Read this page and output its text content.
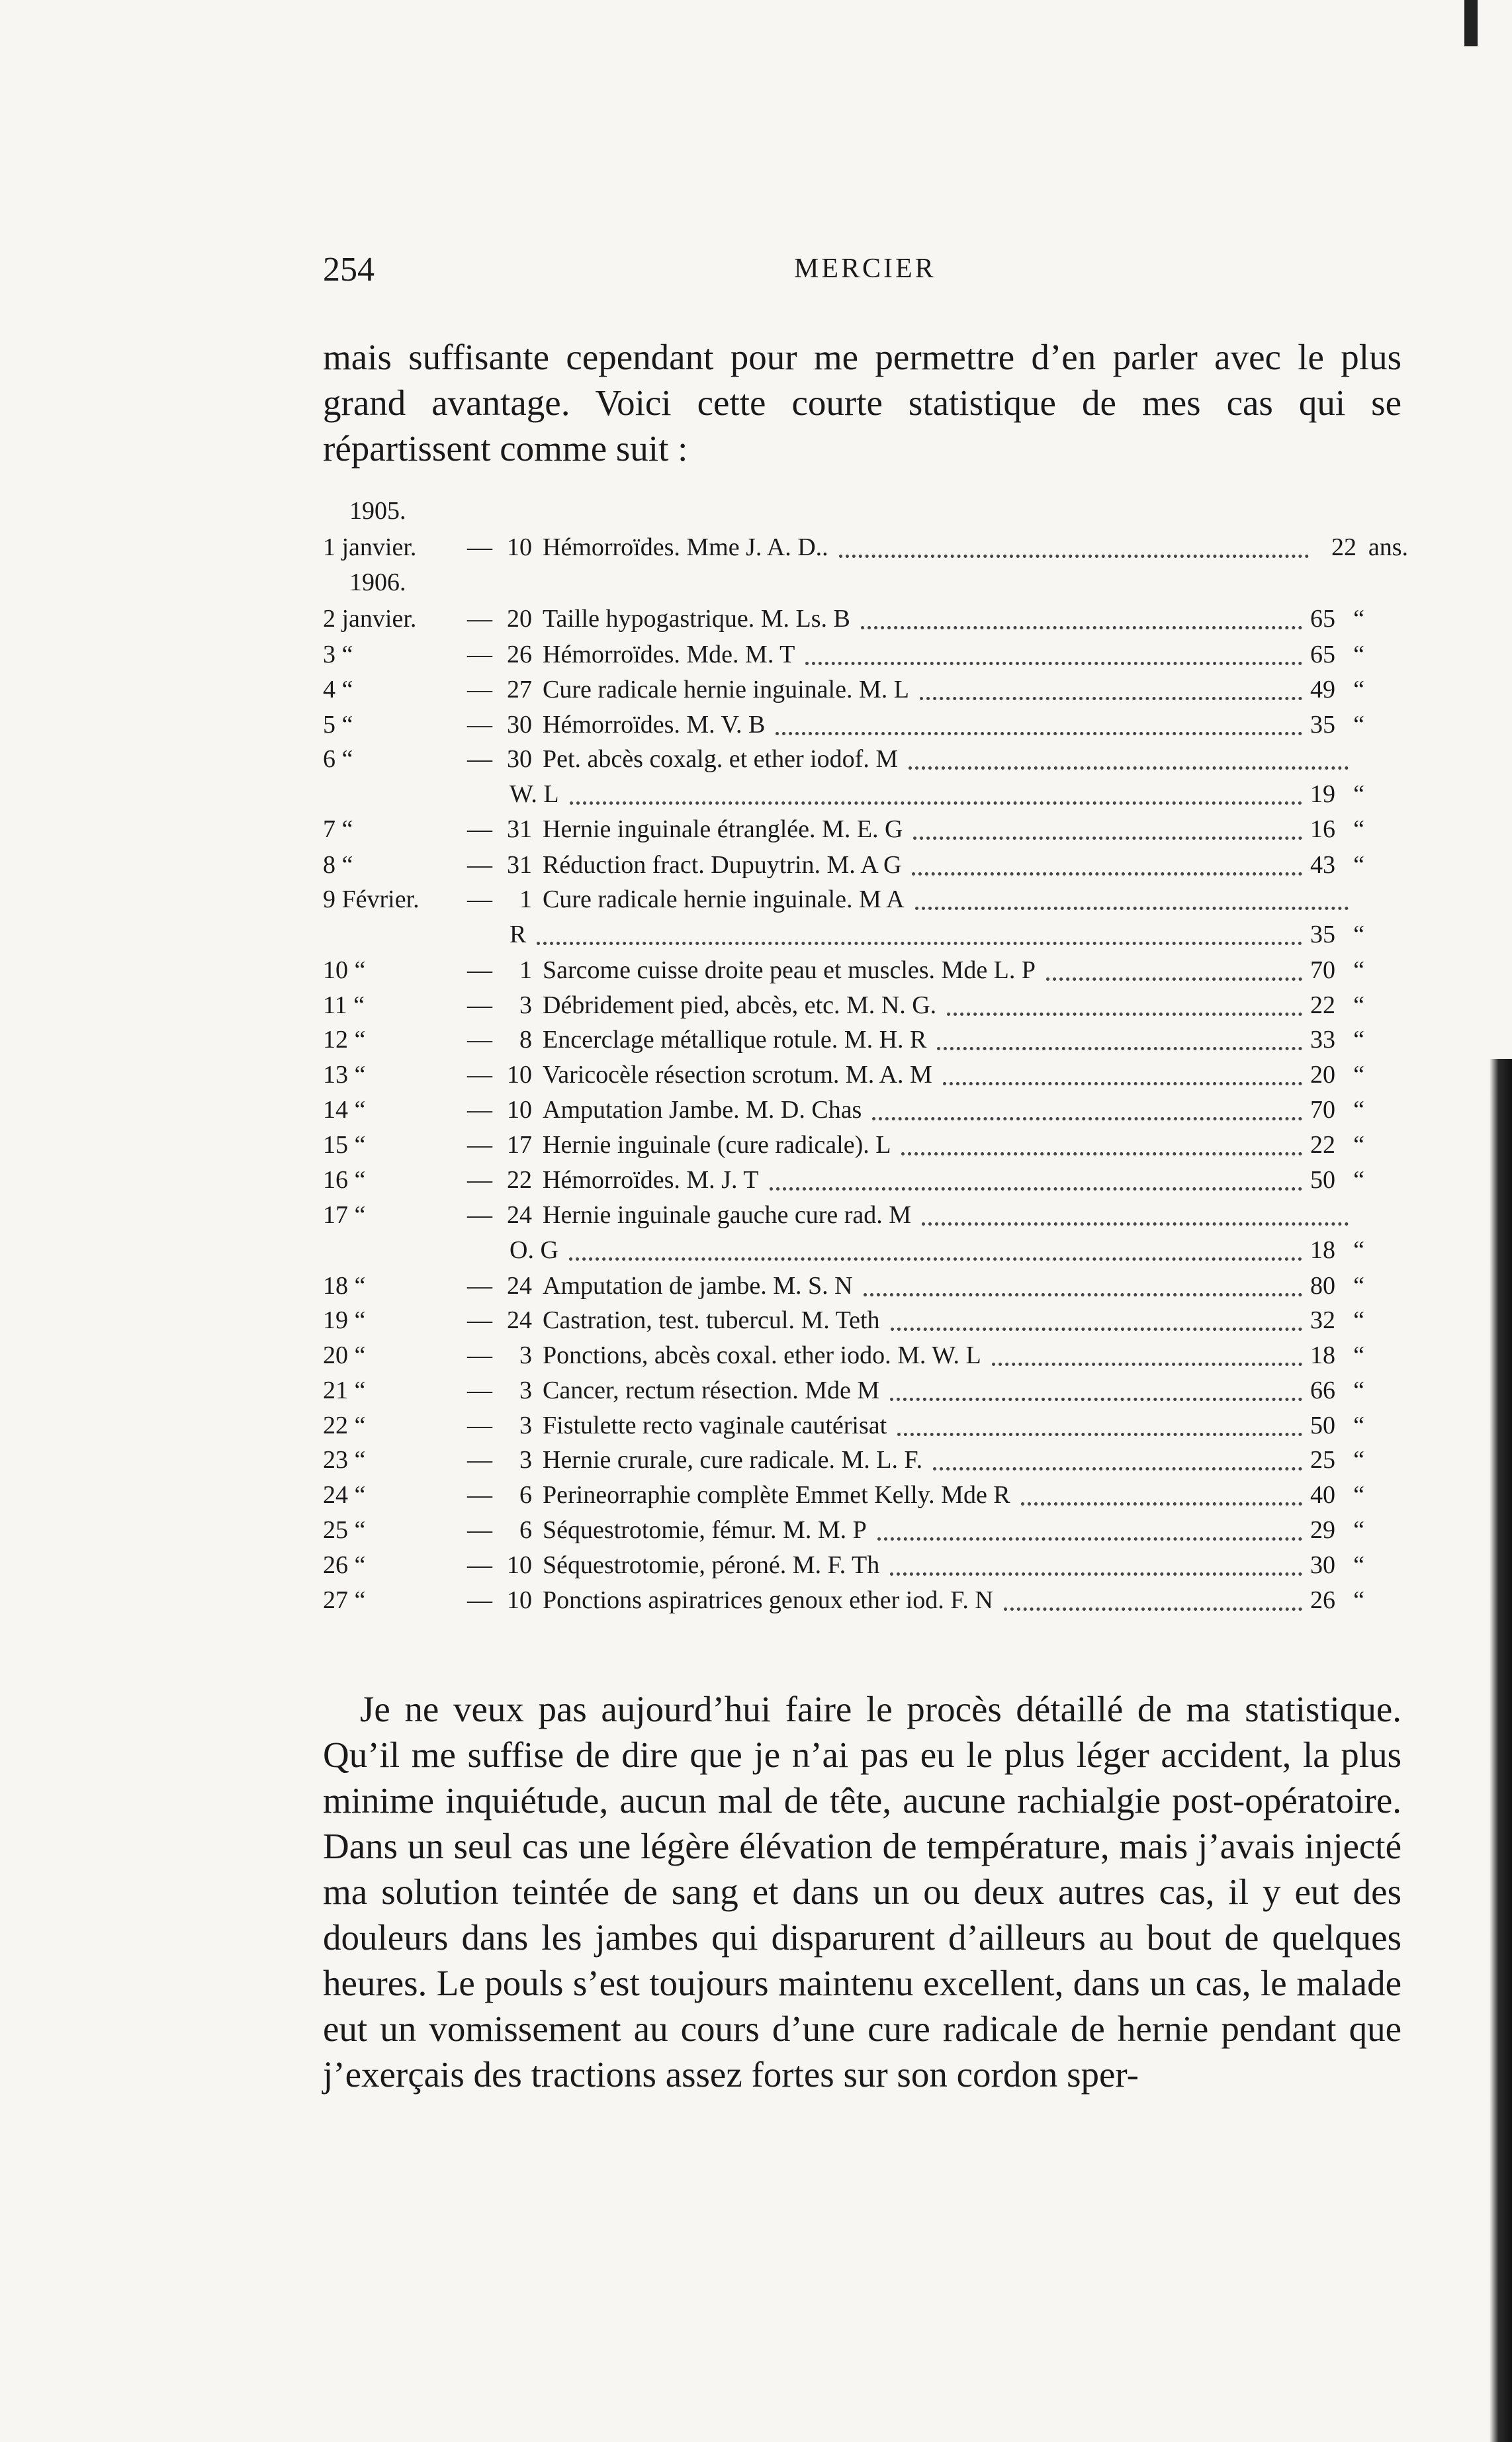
254	MERCIER

mais suffisante cependant pour me permettre d’en parler avec le plus grand avantage. Voici cette courte statistique de mes cas qui se répartissent comme suit :

1905.
1906.
1 janvier. — 10 Hémorroïdes. Mme J. A. D..	22 ans.
2 janvier. — 20 Taille hypogastrique. M. Ls. B	65 “
3 “	— 26 Hémorroïdes. Mde. M. T	65 “
4 “	— 27 Cure radicale hernie inguinale. M. L	49 “
5 “	— 30 Hémorroïdes. M. V. B	35 “
6 “	— 30 Pet. abcès coxalg. et ether iodof. M
W. L	19 “
7 “	— 31 Hernie inguinale étranglée. M. E. G	16 “
8 “	— 31 Réduction fract. Dupuytrin. M. A G	43 “
9 Février. —	1 Cure radicale hernie inguinale. M A
R	35 “
10 “	—	1 Sarcome cuisse droite peau et muscles. Mde L. P	70 “
11 “	—	3 Débridement pied, abcès, etc. M. N. G.	22 “
12 “	—	8 Encerclage métallique rotule. M. H. R	33 “
13 “	— 10 Varicocèle résection scrotum. M. A. M	20 “
14 “	— 10 Amputation Jambe. M. D. Chas	70 “
15 “	— 17 Hernie inguinale (cure radicale). L	22 “
16 “	— 22 Hémorroïdes. M. J. T	50 “
17 “	— 24 Hernie inguinale gauche cure rad. M
O. G	18 “
18 “	— 24 Amputation de jambe. M. S. N	80 “
19 “	— 24 Castration, test. tubercul. M. Teth	32 “
20 “	—	3 Ponctions, abcès coxal. ether iodo. M. W. L	18 “
21 “	—	3 Cancer, rectum résection. Mde M	66 “
22 “	—	3 Fistulette recto vaginale cautérisat	50 “
23 “	—	3 Hernie crurale, cure radicale. M. L. F.	25 “
24 “	—	6 Perineorraphie complète Emmet Kelly. Mde R	40 “
25 “	—	6 Séquestrotomie, fémur. M. M. P	29 “
26 “	— 10 Séquestrotomie, péroné. M. F. Th	30 “
27 “	— 10 Ponctions aspiratrices genoux ether iod. F. N	26 “

Je ne veux pas aujourd’hui faire le procès détaillé de ma statistique. Qu’il me suffise de dire que je n’ai pas eu le plus léger accident, la plus minime inquiétude, aucun mal de tête, aucune rachialgie post-opératoire. Dans un seul cas une légère élévation de température, mais j’avais injecté ma solution teintée de sang et dans un ou deux autres cas, il y eut des douleurs dans les jambes qui disparurent d’ailleurs au bout de quelques heures. Le pouls s’est toujours maintenu excellent, dans un cas, le malade eut un vomissement au cours d’une cure radicale de hernie pendant que j’exerçais des tractions assez fortes sur son cordon sper-
